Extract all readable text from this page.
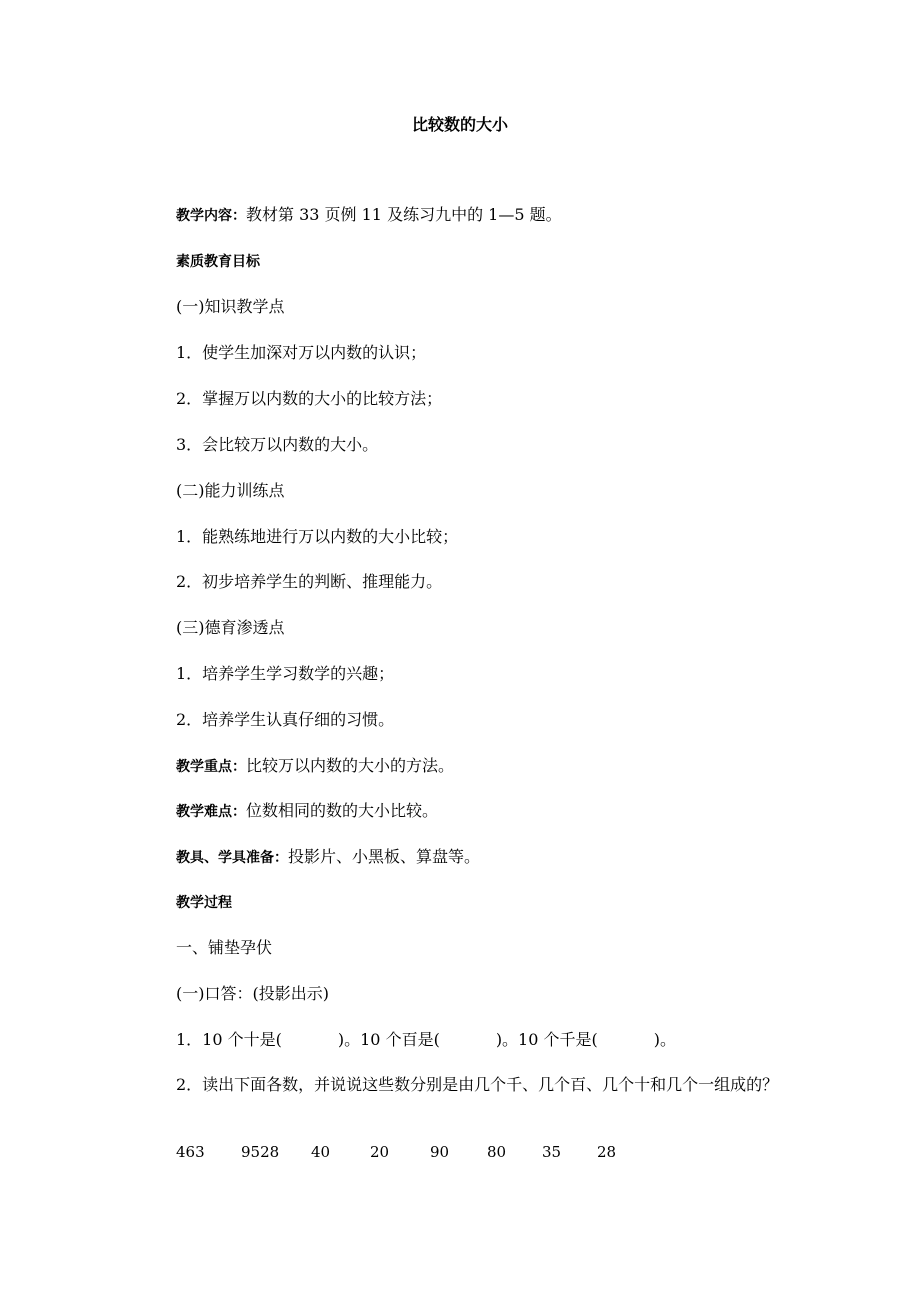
比较数的大小
教学内容：教材第 33 页例 11 及练习九中的 1—5 题。
素质教育目标
(一)知识教学点
1．使学生加深对万以内数的认识；
2．掌握万以内数的大小的比较方法；
3．会比较万以内数的大小。
(二)能力训练点
1．能熟练地进行万以内数的大小比较；
2．初步培养学生的判断、推理能力。
(三)德育渗透点
1．培养学生学习数学的兴趣；
2．培养学生认真仔细的习惯。
教学重点：比较万以内数的大小的方法。
教学难点：位数相同的数的大小比较。
教具、学具准备：投影片、小黑板、算盘等。
教学过程
一、铺垫孕伏
(一)口答：(投影出示)
1．10 个十是(	)。10 个百是(	)。10 个千是(	)。
2．读出下面各数，并说说这些数分别是由几个千、几个百、几个十和几个一组成的？
463 9528 40	20	90	80 35 28
